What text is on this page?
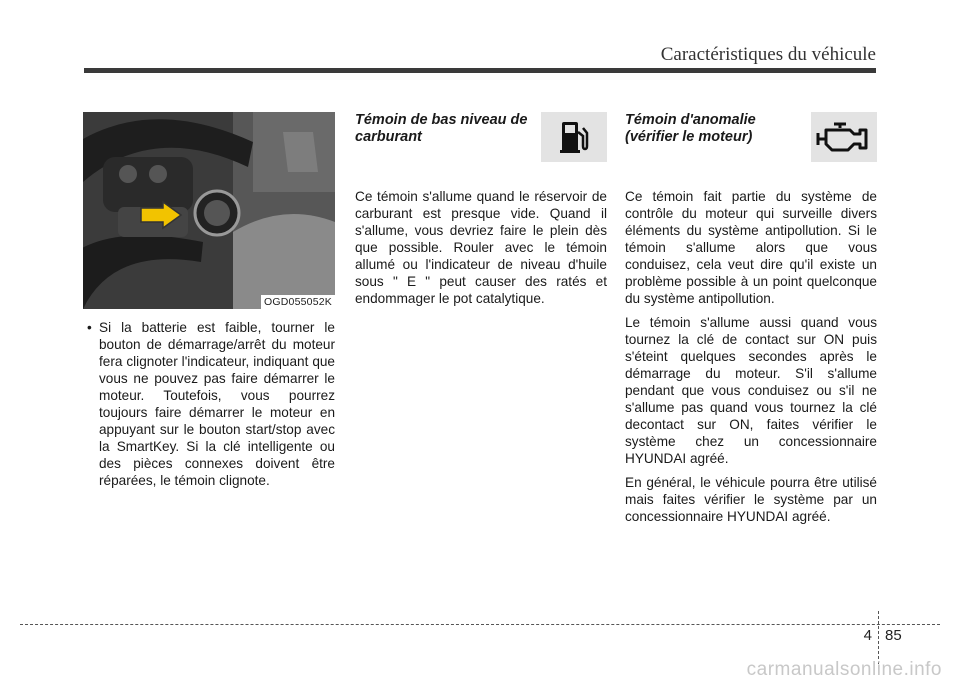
Caractéristiques du véhicule
OGD055052K
• Si la batterie est faible, tourner le bouton de démarrage/arrêt du moteur fera clignoter l'indicateur, indiquant que vous ne pouvez pas faire démarrer le moteur. Toutefois, vous pourrez toujours faire démarrer le moteur en appuyant sur le bouton start/stop avec la SmartKey. Si la clé intelligente ou des pièces connexes doivent être réparées, le témoin clignote.
Témoin de bas niveau de carburant

Ce témoin s'allume quand le réservoir de carburant est presque vide. Quand il s'allume, vous devriez faire le plein dès que possible. Rouler avec le témoin allumé ou l'indicateur de niveau d'huile sous " E " peut causer des ratés et endommager le pot catalytique.

Témoin d'anomalie (vérifier le moteur)

Ce témoin fait partie du système de contrôle du moteur qui surveille divers éléments du système antipollution. Si le témoin s'allume alors que vous conduisez, cela veut dire qu'il existe un problème possible à un point quelconque du système antipollution.

Le témoin s'allume aussi quand vous tournez la clé de contact sur ON puis s'éteint quelques secondes après le démarrage du moteur. S'il s'allume pendant que vous conduisez ou s'il ne s'allume pas quand vous tournez la clé decontact sur ON, faites vérifier le système chez un concessionnaire HYUNDAI agréé.

En général, le véhicule pourra être utilisé mais faites vérifier le système par un concessionnaire HYUNDAI agréé.

4 85
carmanualsonline.info
